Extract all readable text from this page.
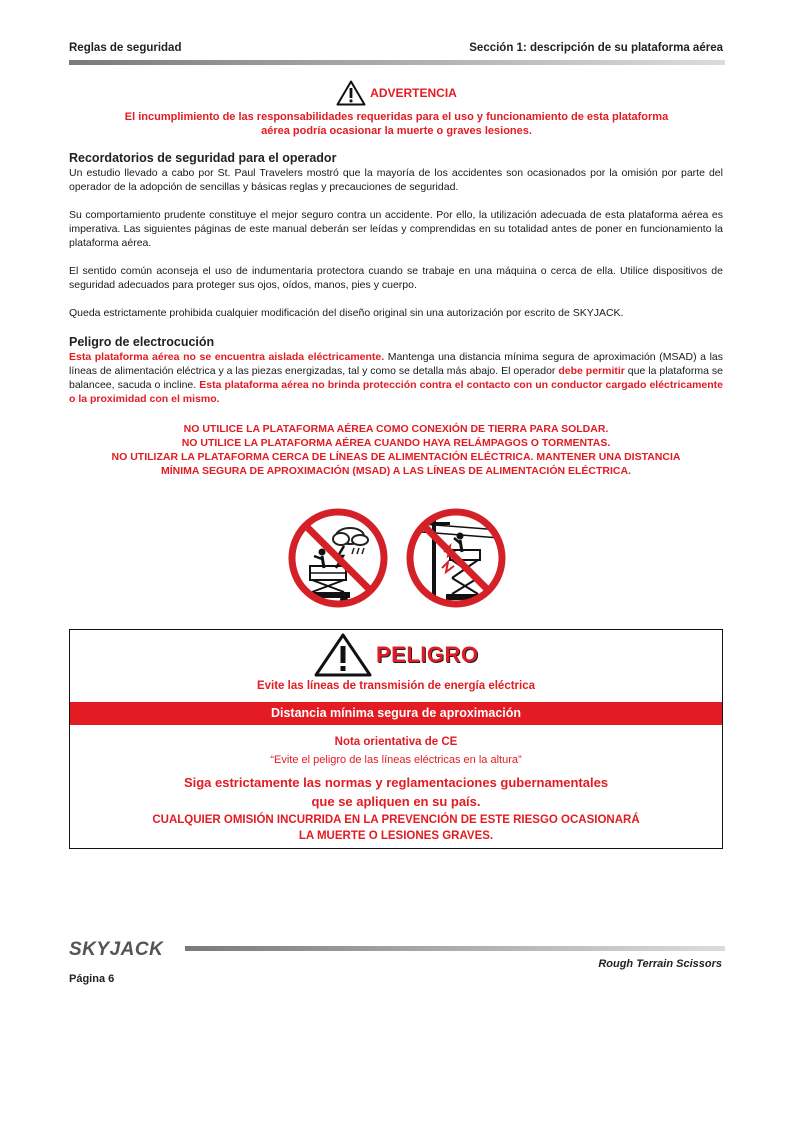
Reglas de seguridad	Sección 1: descripción de su plataforma aérea
ADVERTENCIA
El incumplimiento de las responsabilidades requeridas para el uso y funcionamiento de esta plataforma
aérea podría ocasionar la muerte o graves lesiones.
Recordatorios de seguridad para el operador
Un estudio llevado a cabo por St. Paul Travelers mostró que la mayoría de los accidentes son ocasionados por la omisión por parte del operador de la adopción de sencillas y básicas reglas y precauciones de seguridad.
Su comportamiento prudente constituye el mejor seguro contra un accidente. Por ello, la utilización adecuada de esta plataforma aérea es imperativa. Las siguientes páginas de este manual deberán ser leídas y comprendidas en su totalidad antes de poner en funcionamiento la plataforma aérea.
El sentido común aconseja el uso de indumentaria protectora cuando se trabaje en una máquina o cerca de ella. Utilice dispositivos de seguridad adecuados para proteger sus ojos, oídos, manos, pies y cuerpo.
Queda estrictamente prohibida cualquier modificación del diseño original sin una autorización por escrito de SKYJACK.
Peligro de electrocución
Esta plataforma aérea no se encuentra aislada eléctricamente. Mantenga una distancia mínima segura de aproximación (MSAD) a las líneas de alimentación eléctrica y a las piezas energizadas, tal y como se detalla más abajo. El operador debe permitir que la plataforma se balancee, sacuda o incline. Esta plataforma aérea no brinda protección contra el contacto con un conductor cargado eléctricamente o la proximidad con el mismo.
NO UTILICE LA PLATAFORMA AÉREA COMO CONEXIÓN DE TIERRA PARA SOLDAR.
NO UTILICE LA PLATAFORMA AÉREA CUANDO HAYA RELÁMPAGOS O TORMENTAS.
NO UTILIZAR LA PLATAFORMA CERCA DE LÍNEAS DE ALIMENTACIÓN ELÉCTRICA. MANTENER UNA DISTANCIA
MÍNIMA SEGURA DE APROXIMACIÓN (MSAD) A LAS LÍNEAS DE ALIMENTACIÓN ELÉCTRICA.
PELIGRO
Evite las líneas de transmisión de energía eléctrica
Distancia mínima segura de aproximación
Nota orientativa de CE
“Evite el peligro de las líneas eléctricas en la altura”
Siga estrictamente las normas y reglamentaciones gubernamentales
que se apliquen en su país.
CUALQUIER OMISIÓN INCURRIDA EN LA PREVENCIÓN DE ESTE RIESGO OCASIONARÁ
LA MUERTE O LESIONES GRAVES.
SKYJACK
Rough Terrain Scissors
Página 6
